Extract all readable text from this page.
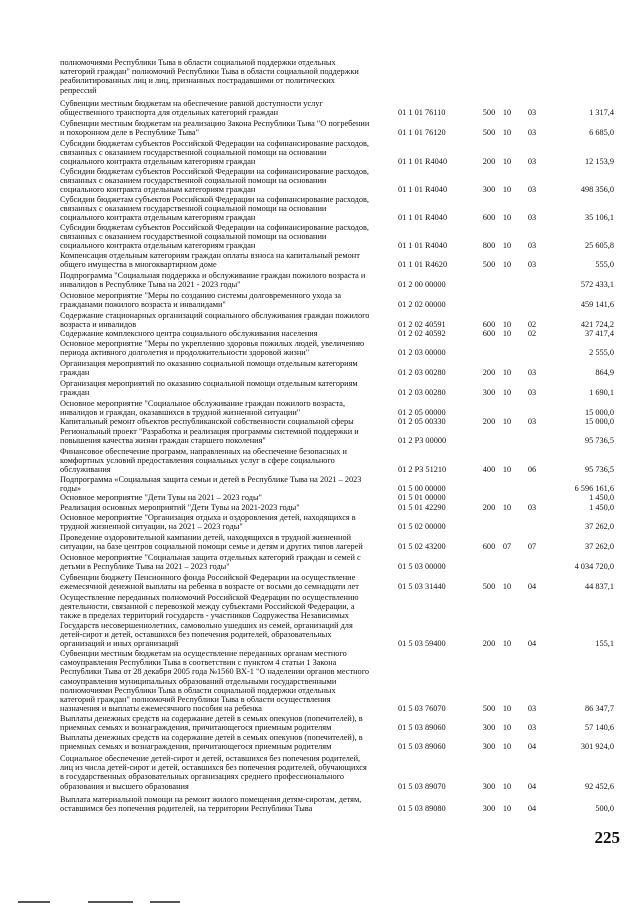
полномочиями Республики Тыва в области социальной поддержки отдельных
категорий граждан" полномочий Республики Тыва в области социальной поддержки
реабилитированных лиц и лиц, признанных пострадавшими от политических
репрессий
Субвенции местным бюджетам на обеспечение равной доступности услуг
общественного транспорта для отдельных категорий граждан	01 1 01 76110	500 10	03	1 317,4
Субвенции местным бюджетам на реализацию Закона Республики Тыва "О погребении
и похоронном деле в Республике Тыва"	01 1 01 76120	500 10	03	6 685,0
Субсидии бюджетам субъектов Российской Федерации на софинансирование расходов,
связанных с оказанием государственной социальной помощи на основании
социального контракта отдельным категориям граждан	01 1 01 R4040	200 10	03	12 153,9
Субсидии бюджетам субъектов Российской Федерации на софинансирование расходов,
связанных с оказанием государственной социальной помощи на основании
социального контракта отдельным категориям граждан	01 1 01 R4040	300 10	03	498 356,0
Субсидии бюджетам субъектов Российской Федерации на софинансирование расходов,
связанных с оказанием государственной социальной помощи на основании
социального контракта отдельным категориям граждан	01 1 01 R4040	600 10	03	35 106,1
Субсидии бюджетам субъектов Российской Федерации на софинансирование расходов,
связанных с оказанием государственной социальной помощи на основании
социального контракта отдельным категориям граждан	01 1 01 R4040	800 10	03	25 605,8
Компенсация отдельным категориям граждан оплаты взноса на капитальный ремонт
общего имущества в многоквартирном доме	01 1 01 R4620	500 10	03	555,0
Подпрограмма "Социальная поддержка и обслуживание граждан пожилого возраста и
инвалидов в Республике Тыва на 2021 - 2023 годы"	01 2 00 00000	572 433,1
Основное мероприятие "Меры по созданию системы долговременного ухода за
гражданами пожилого возраста и инвалидами"	01 2 02 00000	459 141,6
Содержание стационарных организаций социального обслуживания граждан пожилого
возраста и инвалидов	01 2 02 40591	600 10	02	421 724,2
Содержание комплексного центра социального обслуживания населения	01 2 02 40592	600 10	02	37 417,4
Основное мероприятие "Меры по укреплению здоровья пожилых людей, увеличению
периода активного долголетия и продолжительности здоровой жизни"	01 2 03 00000	2 555,0
Организация мероприятий по оказанию социальной помощи отдельным категориям
граждан	01 2 03 00280	200 10	03	864,9
Организация мероприятий по оказанию социальной помощи отдельным категориям
граждан	01 2 03 00280	300 10	03	1 690,1
Основное мероприятие "Социальное обслуживание граждан пожилого возраста,
инвалидов и граждан, оказавшихся в трудной жизненной ситуации"	01 2 05 00000	15 000,0
Капитальный ремонт объектов республиканской собственности социальной сферы	01 2 05 00330	200 10	03	15 000,0
Региональный проект "Разработка и реализация программы системной поддержки и
повышения качества жизни граждан старшего поколения"	01 2 P3 00000	95 736,5
Финансовое обеспечение программ, направленных на обеспечение безопасных и
комфортных условий предоставления социальных услуг в сфере социального
обслуживания	01 2 P3 51210	400 10	06	95 736,5
Подпрограмма «Социальная защита семьи и детей в Республике Тыва на 2021 – 2023
годы»	01 5 00 00000	6 596 161,6
Основное мероприятие "Дети Тувы на 2021 – 2023 годы"	01 5 01 00000	1 450,0
Реализация основных мероприятий "Дети Тувы на 2021-2023 годы"	01 5 01 42290	200 10	03	1 450,0
Основное мероприятие "Организация отдыха и оздоровления детей, находящихся в
трудной жизненной ситуации, на 2021 – 2023 годы"	01 5 02 00000	37 262,0
Проведение оздоровительной кампании детей, находящихся в трудной жизненной
ситуации, на базе центров социальной помощи семье и детям и других типов лагерей	01 5 02 43200	600 07	07	37 262,0
Основное мероприятие "Социальная защита отдельных категорий граждан и семей с
детьми в Республике Тыва на 2021 – 2023 годы"	01 5 03 00000	4 034 720,0
Субвенции бюджету Пенсионного фонда Российской Федерации на осуществление
ежемесячной денежной выплаты на ребенка в возрасте от восьми до семнадцати лет	01 5 03 31440	500 10	04	44 837,1
Осуществление переданных полномочий Российской Федерации по осуществлению
деятельности, связанной с перевозкой между субъектами Российской Федерации, а
также в пределах территорий государств - участников Содружества Независимых
Государств несовершеннолетних, самовольно ушедших из семей, организаций для
детей-сирот и детей, оставшихся без попечения родителей, образовательных
организаций и иных организаций	01 5 03 59400	200 10	04	155,1
Субвенции местным бюджетам на осуществление переданных органам местного
самоуправления Республики Тыва в соответствии с пунктом 4 статьи 1 Закона
Республики Тыва от 28 декабря 2005 года №1560 ВХ-1 "О наделении органов местного
самоуправления муниципальных образований отдельными государственными
полномочиями Республики Тыва в области социальной поддержки отдельных
категорий граждан" полномочий Республики Тыва в области осуществления
назначения и выплаты ежемесячного пособия на ребенка	01 5 03 76070	500 10	03	86 347,7
Выплаты денежных средств на содержание детей в семьях опекунов (попечителей), в
приемных семьях и вознаграждения, причитающегося приемным родителям	01 5 03 89060	300 10	03	57 140,6
Выплаты денежных средств на содержание детей в семьях опекунов (попечителей), в
приемных семьях и вознаграждения, причитающегося приемным родителям	01 5 03 89060	300 10	04	301 924,0
Социальное обеспечение детей-сирот и детей, оставшихся без попечения родителей,
лиц из числа детей-сирот и детей, оставшихся без попечения родителей, обучающихся
в государственных образовательных организациях среднего профессионального
образования и высшего образования	01 5 03 89070	300 10	04	92 452,6
Выплата материальной помощи на ремонт жилого помещения детям-сиротам, детям,
оставшимся без попечения родителей, на территории Республики Тыва	01 5 03 89080	300 10	04	500,0
225
